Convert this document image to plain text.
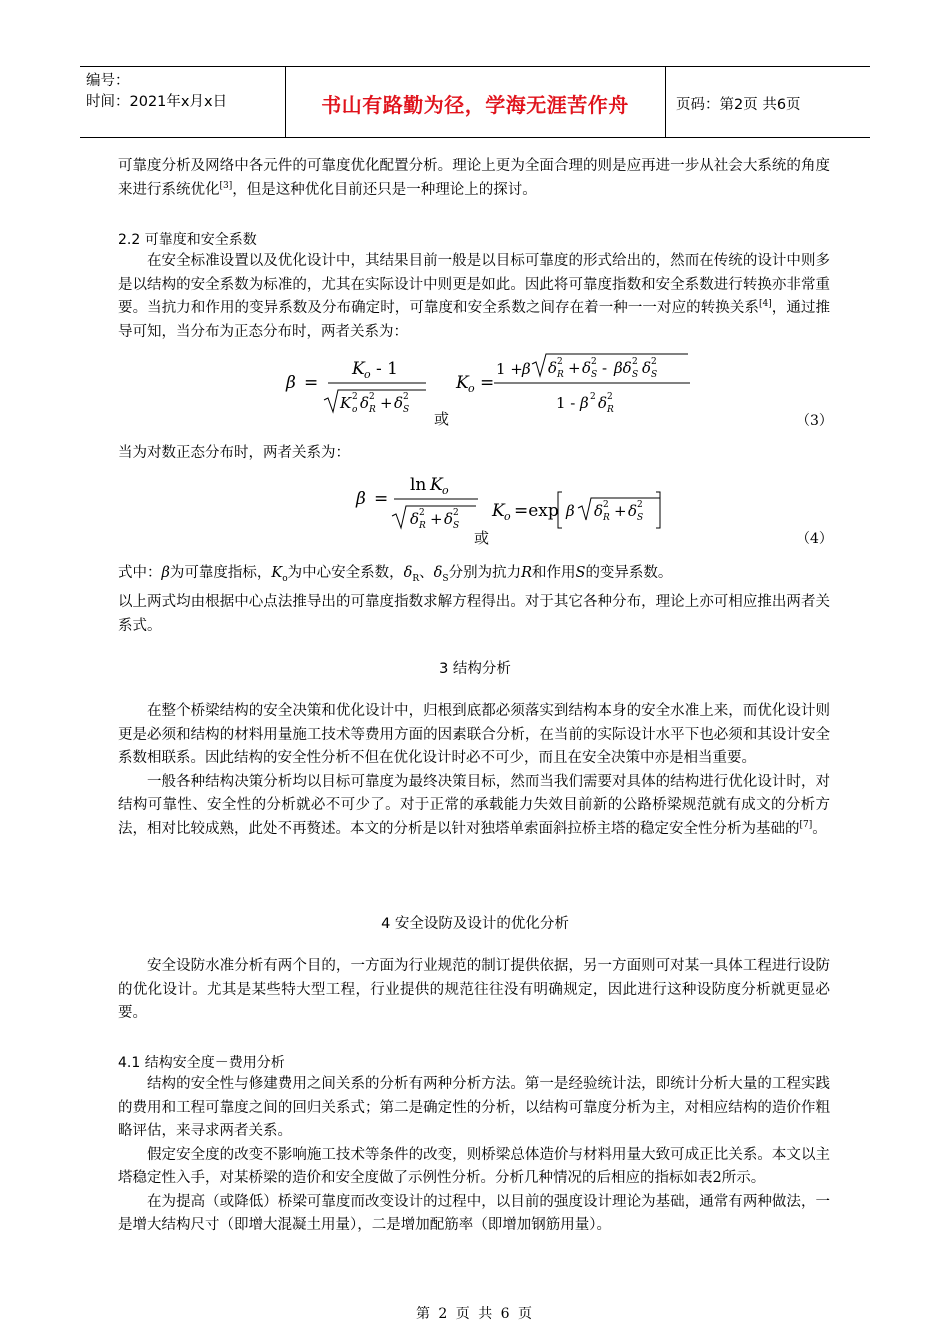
编号：
时间：2021年x月x日	书山有路勤为径，学海无涯苦作舟	页码：第2页 共6页

可靠度分析及网络中各元件的可靠度优化配置分析。理论上更为全面合理的则是应再进一步从社会大系统的角度来进行系统优化[3]，但是这种优化目前还只是一种理论上的探讨。

2.2 可靠度和安全系数

在安全标准设置以及优化设计中，其结果目前一般是以目标可靠度的形式给出的，然而在传统的设计中则多是以结构的安全系数为标准的，尤其在实际设计中则更是如此。因此将可靠度指数和安全系数进行转换亦非常重要。当抗力和作用的变异系数及分布确定时，可靠度和安全系数之间存在着一种一一对应的转换关系[4]，通过推导可知，当分布为正态分布时，两者关系为：

β =
K o - 1
K o
2 δ R
2 + δ S
2
K o =
1 + β δ R
2 + δ S
2 - βδ S
2 δ S
2
1 - β 2 δ R
2
或	（3）

当为对数正态分布时，两者关系为：

β =
ln K o
δ R
2 + δ S
2 K o =exp β δ R
2 + δ S
2
或	（4）

式中：β为可靠度指标，$K_o$为中心安全系数，$\delta_R$、$\delta_S$分别为抗力R和作用S的变异系数。

以上两式均由根据中心点法推导出的可靠度指数求解方程得出。对于其它各种分布，理论上亦可相应推出两者关系式。

3 结构分析

在整个桥梁结构的安全决策和优化设计中，归根到底都必须落实到结构本身的安全水准上来，而优化设计则更是必须和结构的材料用量施工技术等费用方面的因素联合分析，在当前的实际设计水平下也必须和其设计安全系数相联系。因此结构的安全性分析不但在优化设计时必不可少，而且在安全决策中亦是相当重要。

一般各种结构决策分析均以目标可靠度为最终决策目标，然而当我们需要对具体的结构进行优化设计时，对结构可靠性、安全性的分析就必不可少了。对于正常的承载能力失效目前新的公路桥梁规范就有成文的分析方法，相对比较成熟，此处不再赘述。本文的分析是以针对独塔单索面斜拉桥主塔的稳定安全性分析为基础的[7]。

4 安全设防及设计的优化分析

安全设防水准分析有两个目的，一方面为行业规范的制订提供依据，另一方面则可对某一具体工程进行设防的优化设计。尤其是某些特大型工程，行业提供的规范往往没有明确规定，因此进行这种设防度分析就更显必要。

4.1 结构安全度－费用分析

结构的安全性与修建费用之间关系的分析有两种分析方法。第一是经验统计法，即统计分析大量的工程实践的费用和工程可靠度之间的回归关系式；第二是确定性的分析，以结构可靠度分析为主，对相应结构的造价作粗略评估，来寻求两者关系。

假定安全度的改变不影响施工技术等条件的改变，则桥梁总体造价与材料用量大致可成正比关系。本文以主塔稳定性入手，对某桥梁的造价和安全度做了示例性分析。分析几种情况的后相应的指标如表2所示。

在为提高（或降低）桥梁可靠度而改变设计的过程中，以目前的强度设计理论为基础，通常有两种做法，一是增大结构尺寸（即增大混凝土用量），二是增加配筋率（即增加钢筋用量）。

第 2 页 共 6 页
